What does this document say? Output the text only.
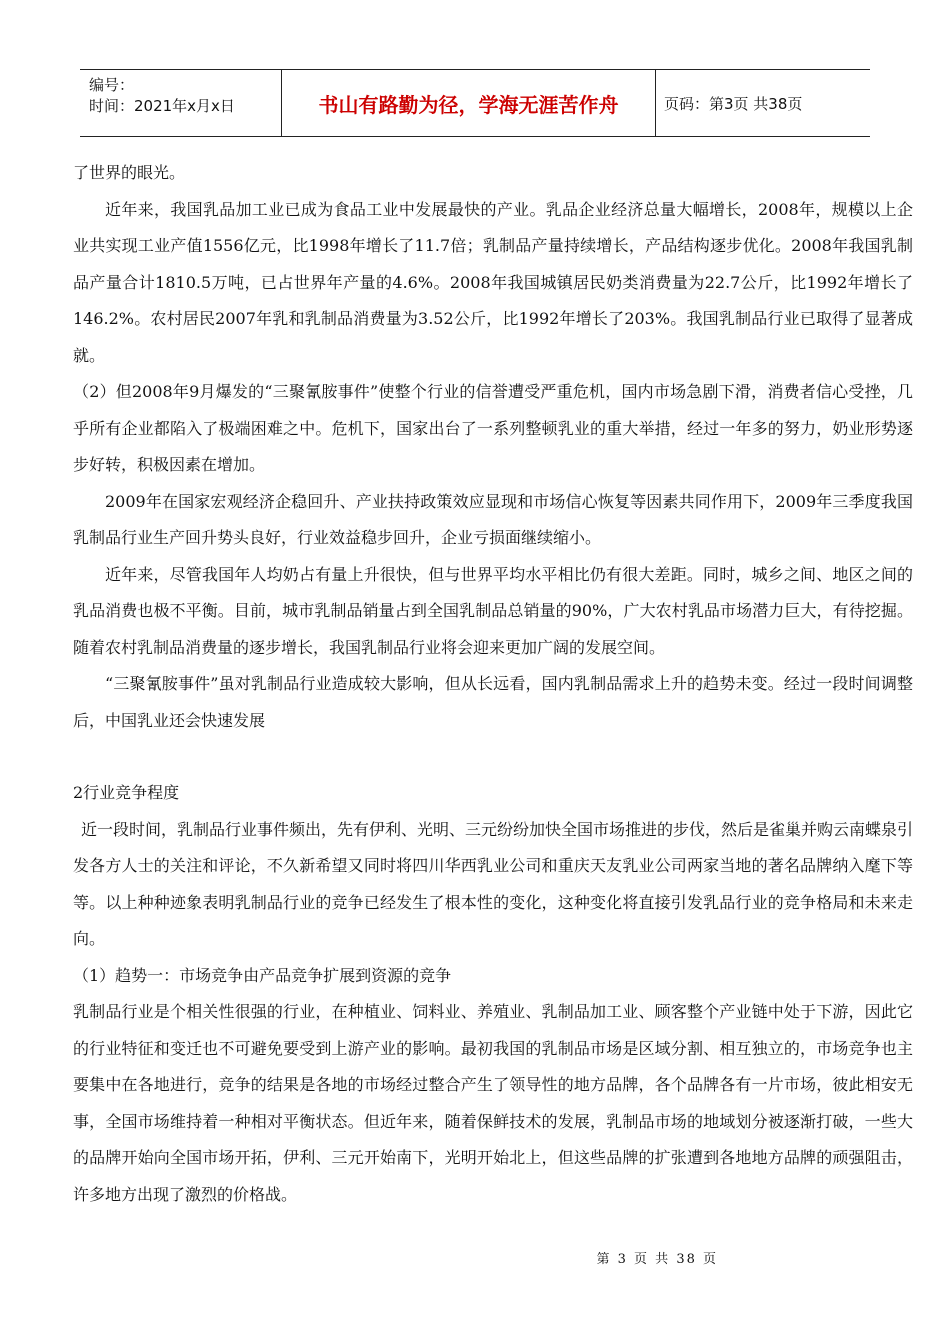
编号：
时间：2021年x月x日	书山有路勤为径，学海无涯苦作舟	页码：第3页 共38页

了世界的眼光。

近年来，我国乳品加工业已成为食品工业中发展最快的产业。乳品企业经济总量大幅增长，2008年，规模以上企业共实现工业产值1556亿元，比1998年增长了11.7倍；乳制品产量持续增长，产品结构逐步优化。2008年我国乳制品产量合计1810.5万吨，已占世界年产量的4.6%。2008年我国城镇居民奶类消费量为22.7公斤，比1992年增长了146.2%。农村居民2007年乳和乳制品消费量为3.52公斤，比1992年增长了203%。我国乳制品行业已取得了显著成就。

（2）但2008年9月爆发的“三聚氰胺事件”使整个行业的信誉遭受严重危机，国内市场急剧下滑，消费者信心受挫，几乎所有企业都陷入了极端困难之中。危机下，国家出台了一系列整顿乳业的重大举措，经过一年多的努力，奶业形势逐步好转，积极因素在增加。

2009年在国家宏观经济企稳回升、产业扶持政策效应显现和市场信心恢复等因素共同作用下，2009年三季度我国乳制品行业生产回升势头良好，行业效益稳步回升，企业亏损面继续缩小。

近年来，尽管我国年人均奶占有量上升很快，但与世界平均水平相比仍有很大差距。同时，城乡之间、地区之间的乳品消费也极不平衡。目前，城市乳制品销量占到全国乳制品总销量的90%，广大农村乳品市场潜力巨大，有待挖掘。随着农村乳制品消费量的逐步增长，我国乳制品行业将会迎来更加广阔的发展空间。

“三聚氰胺事件”虽对乳制品行业造成较大影响，但从长远看，国内乳制品需求上升的趋势未变。经过一段时间调整后，中国乳业还会快速发展

2行业竞争程度

近一段时间，乳制品行业事件频出，先有伊利、光明、三元纷纷加快全国市场推进的步伐，然后是雀巢并购云南蝶泉引发各方人士的关注和评论，不久新希望又同时将四川华西乳业公司和重庆天友乳业公司两家当地的著名品牌纳入麾下等等。以上种种迹象表明乳制品行业的竞争已经发生了根本性的变化，这种变化将直接引发乳品行业的竞争格局和未来走向。

（1）趋势一：市场竞争由产品竞争扩展到资源的竞争

乳制品行业是个相关性很强的行业，在种植业、饲料业、养殖业、乳制品加工业、顾客整个产业链中处于下游，因此它的行业特征和变迁也不可避免要受到上游产业的影响。最初我国的乳制品市场是区域分割、相互独立的，市场竞争也主要集中在各地进行，竞争的结果是各地的市场经过整合产生了领导性的地方品牌，各个品牌各有一片市场，彼此相安无事，全国市场维持着一种相对平衡状态。但近年来，随着保鲜技术的发展，乳制品市场的地域划分被逐渐打破，一些大的品牌开始向全国市场开拓，伊利、三元开始南下，光明开始北上，但这些品牌的扩张遭到各地地方品牌的顽强阻击，许多地方出现了激烈的价格战。

第 3 页 共 38 页
